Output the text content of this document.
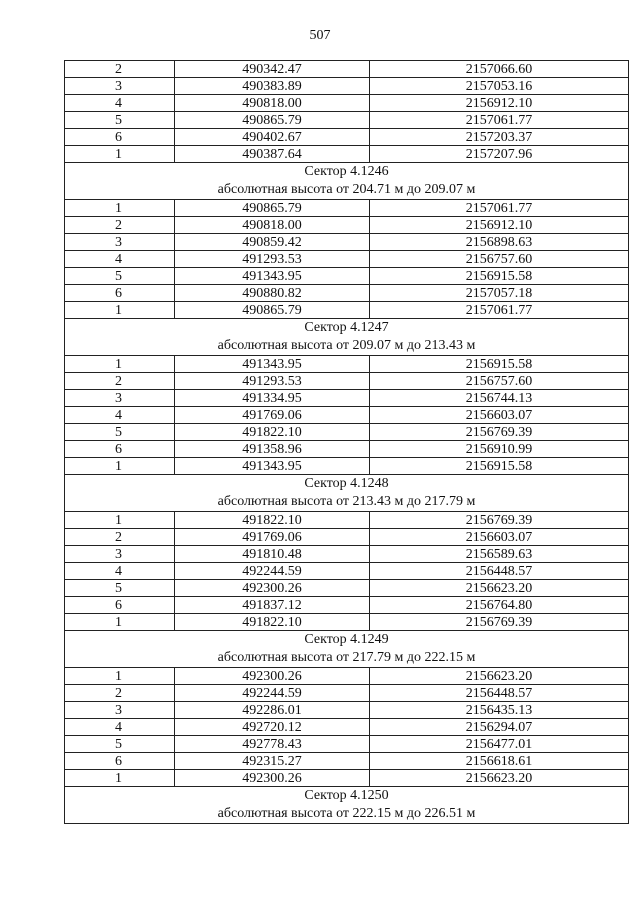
507
2	490342.47	2157066.60
3	490383.89	2157053.16
4	490818.00	2156912.10
5	490865.79	2157061.77
6	490402.67	2157203.37
1	490387.64	2157207.96
Сектор 4.1246		
абсолютная высота от 204.71 м до 209.07 м		
1	490865.79	2157061.77
2	490818.00	2156912.10
3	490859.42	2156898.63
4	491293.53	2156757.60
5	491343.95	2156915.58
6	490880.82	2157057.18
1	490865.79	2157061.77
Сектор 4.1247		
абсолютная высота от 209.07 м до 213.43 м		
1	491343.95	2156915.58
2	491293.53	2156757.60
3	491334.95	2156744.13
4	491769.06	2156603.07
5	491822.10	2156769.39
6	491358.96	2156910.99
1	491343.95	2156915.58
Сектор 4.1248		
абсолютная высота от 213.43 м до 217.79 м		
1	491822.10	2156769.39
2	491769.06	2156603.07
3	491810.48	2156589.63
4	492244.59	2156448.57
5	492300.26	2156623.20
6	491837.12	2156764.80
1	491822.10	2156769.39
Сектор 4.1249		
абсолютная высота от 217.79 м до 222.15 м		
1	492300.26	2156623.20
2	492244.59	2156448.57
3	492286.01	2156435.13
4	492720.12	2156294.07
5	492778.43	2156477.01
6	492315.27	2156618.61
1	492300.26	2156623.20
Сектор 4.1250		
абсолютная высота от 222.15 м до 226.51 м		
